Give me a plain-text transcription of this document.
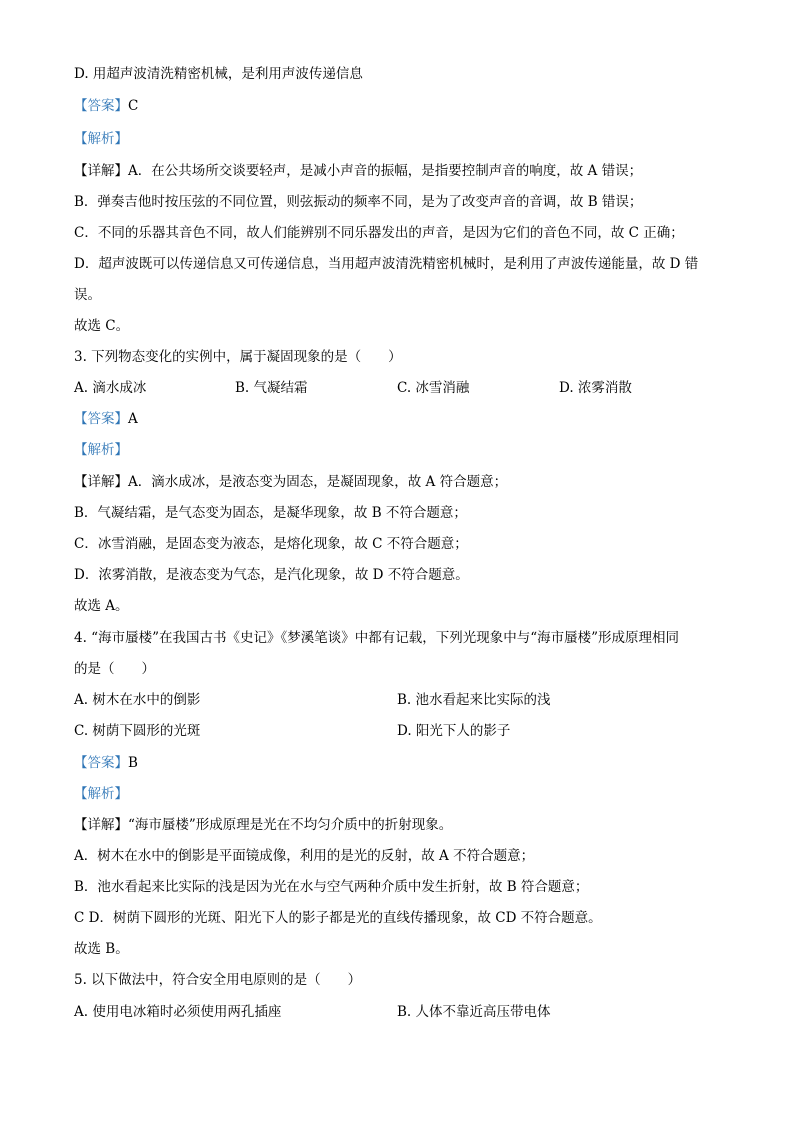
D. 用超声波清洗精密机械，是利用声波传递信息
【答案】C
【解析】
【详解】A．在公共场所交谈要轻声，是减小声音的振幅，是指要控制声音的响度，故 A 错误；
B．弹奏吉他时按压弦的不同位置，则弦振动的频率不同，是为了改变声音的音调，故 B 错误；
C．不同的乐器其音色不同，故人们能辨别不同乐器发出的声音，是因为它们的音色不同，故 C 正确；
D．超声波既可以传递信息又可传递信息，当用超声波清洗精密机械时，是利用了声波传递能量，故 D 错
误。
故选 C。
3. 下列物态变化的实例中，属于凝固现象的是（　　）
A. 滴水成冰	B. 气凝结霜	C. 冰雪消融	D. 浓雾消散
【答案】A
【解析】
【详解】A．滴水成冰，是液态变为固态，是凝固现象，故 A 符合题意；
B．气凝结霜，是气态变为固态，是凝华现象，故 B 不符合题意；
C．冰雪消融，是固态变为液态，是熔化现象，故 C 不符合题意；
D．浓雾消散，是液态变为气态，是汽化现象，故 D 不符合题意。
故选 A。
4. “海市蜃楼”在我国古书《史记》《梦溪笔谈》中都有记载，下列光现象中与“海市蜃楼”形成原理相同
的是（　　）
A. 树木在水中的倒影	B. 池水看起来比实际的浅
C. 树荫下圆形的光斑	D. 阳光下人的影子
【答案】B
【解析】
【详解】“海市蜃楼”形成原理是光在不均匀介质中的折射现象。
A．树木在水中的倒影是平面镜成像，利用的是光的反射，故 A 不符合题意；
B．池水看起来比实际的浅是因为光在水与空气两种介质中发生折射，故 B 符合题意；
C D．树荫下圆形的光斑、阳光下人的影子都是光的直线传播现象，故 CD 不符合题意。
故选 B。
5. 以下做法中，符合安全用电原则的是（　　）
A. 使用电冰箱时必须使用两孔插座	B. 人体不靠近高压带电体
